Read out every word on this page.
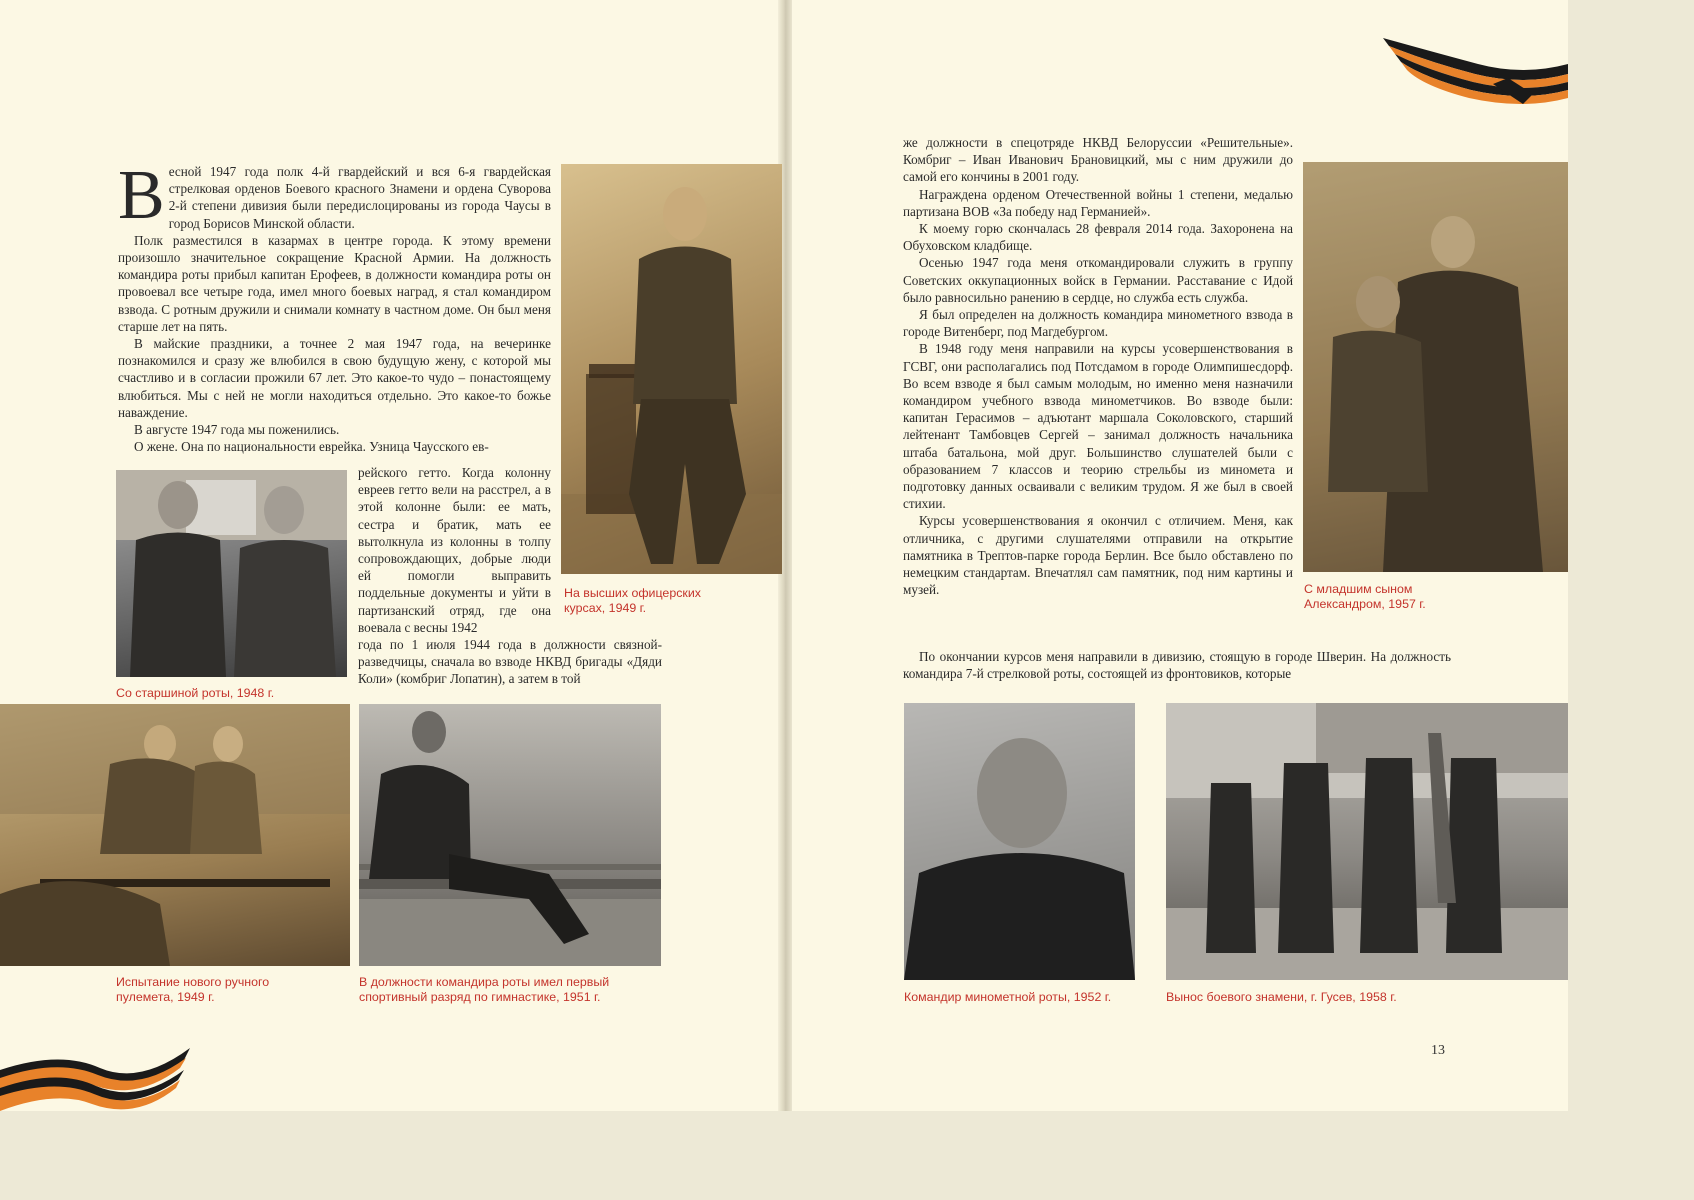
В есной 1947 года полк 4-й гвардейский и вся 6-я гвардейская стрелковая орденов Боевого красного Знамени и ордена Суворова 2-й степени дивизия были передислоцированы из города Чаусы в город Борисов Минской области.

Полк разместился в казармах в центре города. К этому времени произошло значительное сокращение Красной Армии. На должность командира роты прибыл капитан Ерофеев, в должности командира роты он провоевал все четыре года, имел много боевых наград, я стал командиром взвода. С ротным дружили и снимали комнату в частном доме. Он был меня старше лет на пять.

В майские праздники, а точнее 2 мая 1947 года, на вечеринке познакомился и сразу же влюбился в свою будущую жену, с которой мы счастливо и в согласии прожили 67 лет. Это какое-то чудо – понастоящему влюбиться. Мы с ней не могли находиться отдельно. Это какое-то божье наваждение.

В августе 1947 года мы поженились.

О жене. Она по национальности еврейка. Узница Чаусского ев-

рейского гетто. Когда колонну евреев гетто вели на расстрел, а в этой колонне были: ее мать, сестра и братик, мать ее вытолкнула из колонны в толпу сопровождающих, добрые люди ей помогли выправить поддельные документы и уйти в партизанский отряд, где она воевала с весны 1942

года по 1 июля 1944 года в должности связной-разведчицы, сначала во взводе НКВД бригады «Дяди Коли» (комбриг Лопатин), а затем в той

На высших офицерских курсах, 1949 г.
Со старшиной роты, 1948 г.
Испытание нового ручного пулемета, 1949 г.
В должности командира роты имел первый спортивный разряд по гимнастике, 1951 г.

же должности в спецотряде НКВД Белоруссии «Решительные». Комбриг – Иван Иванович Брановицкий, мы с ним дружили до самой его кончины в 2001 году.

Награждена орденом Отечественной войны 1 степени, медалью партизана ВОВ «За победу над Германией».

К моему горю скончалась 28 февраля 2014 года. Захоронена на Обуховском кладбище.

Осенью 1947 года меня откомандировали служить в группу Советских оккупационных войск в Германии. Расставание с Идой было равносильно ранению в сердце, но служба есть служба.

Я был определен на должность командира минометного взвода в городе Витенберг, под Магдебургом.

В 1948 году меня направили на курсы усовершенствования в ГСВГ, они располагались под Потсдамом в городе Олимпишесдорф. Во всем взводе я был самым молодым, но именно меня назначили командиром учебного взвода минометчиков. Во взводе были: капитан Герасимов – адъютант маршала Соколовского, старший лейтенант Тамбовцев Сергей – занимал должность начальника штаба батальона, мой друг. Большинство слушателей были с образованием 7 классов и теорию стрельбы из миномета и подготовку данных осваивали с великим трудом. Я же был в своей стихии.

Курсы усовершенствования я окончил с отличием. Меня, как отличника, с другими слушателями отправили на открытие памятника в Трептов-парке города Берлин. Все было обставлено по немецким стандартам. Впечатлял сам памятник, под ним картины и музей.

По окончании курсов меня направили в дивизию, стоящую в городе Шверин. На должность командира 7-й стрелковой роты, состоящей из фронтовиков, которые

С младшим сыном Александром, 1957 г.
Командир минометной роты, 1952 г.	Вынос боевого знамени, г. Гусев, 1958 г.
13
